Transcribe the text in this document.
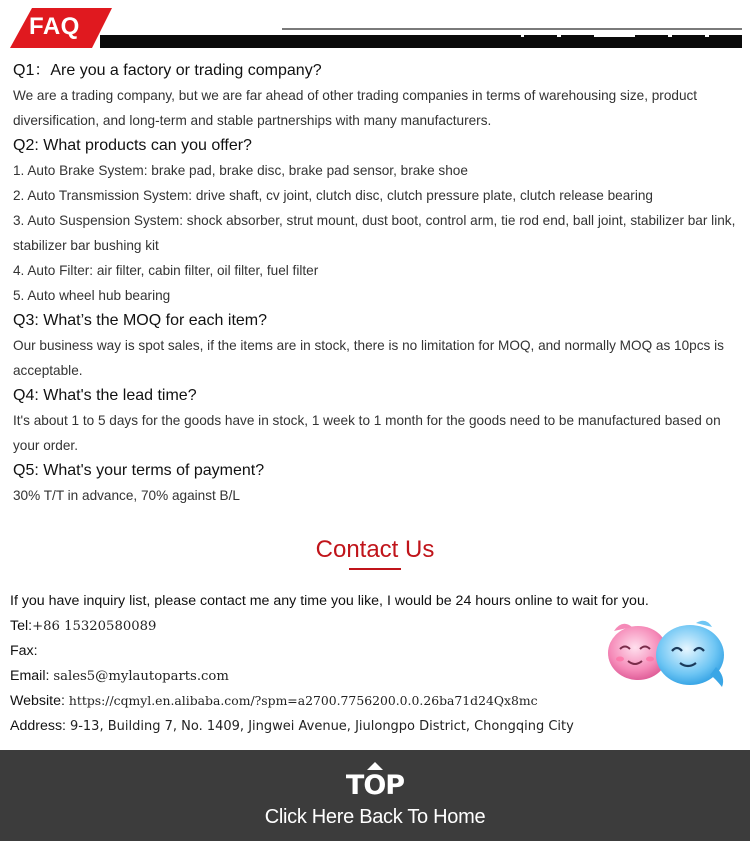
FAQ

Q1：Are you a factory or trading company?

We are a trading company, but we are far ahead of other trading companies in terms of warehousing size, product diversification, and long-term and stable partnerships with many manufacturers.

Q2: What products can you offer?

1. Auto Brake System: brake pad, brake disc, brake pad sensor, brake shoe

2. Auto Transmission System: drive shaft, cv joint, clutch disc, clutch pressure plate, clutch release bearing

3. Auto Suspension System: shock absorber, strut mount, dust boot, control arm, tie rod end, ball joint, stabilizer bar link, stabilizer bar bushing kit

4. Auto Filter: air filter, cabin filter, oil filter, fuel filter

5. Auto wheel hub bearing

Q3: What’s the MOQ for each item?

Our business way is spot sales, if the items are in stock, there is no limitation for MOQ, and normally MOQ as 10pcs is acceptable.

Q4: What's the lead time?

It's about 1 to 5 days for the goods have in stock, 1 week to 1 month for the goods need to be manufactured based on your order.

Q5: What's your terms of payment?

30% T/T in advance, 70% against B/L

Contact Us
If you have inquiry list, please contact me any time you like, I would be 24 hours online to wait for you.
Tel:+86 15320580089
Fax:
Email: sales5@mylautoparts.com
Website: https://cqmyl.en.alibaba.com/?spm=a2700.7756200.0.0.26ba71d24Qx8mc
Address: 9-13, Building 7, No. 1409, Jingwei Avenue, Jiulongpo District, Chongqing City
TOP
Click Here Back To Home
